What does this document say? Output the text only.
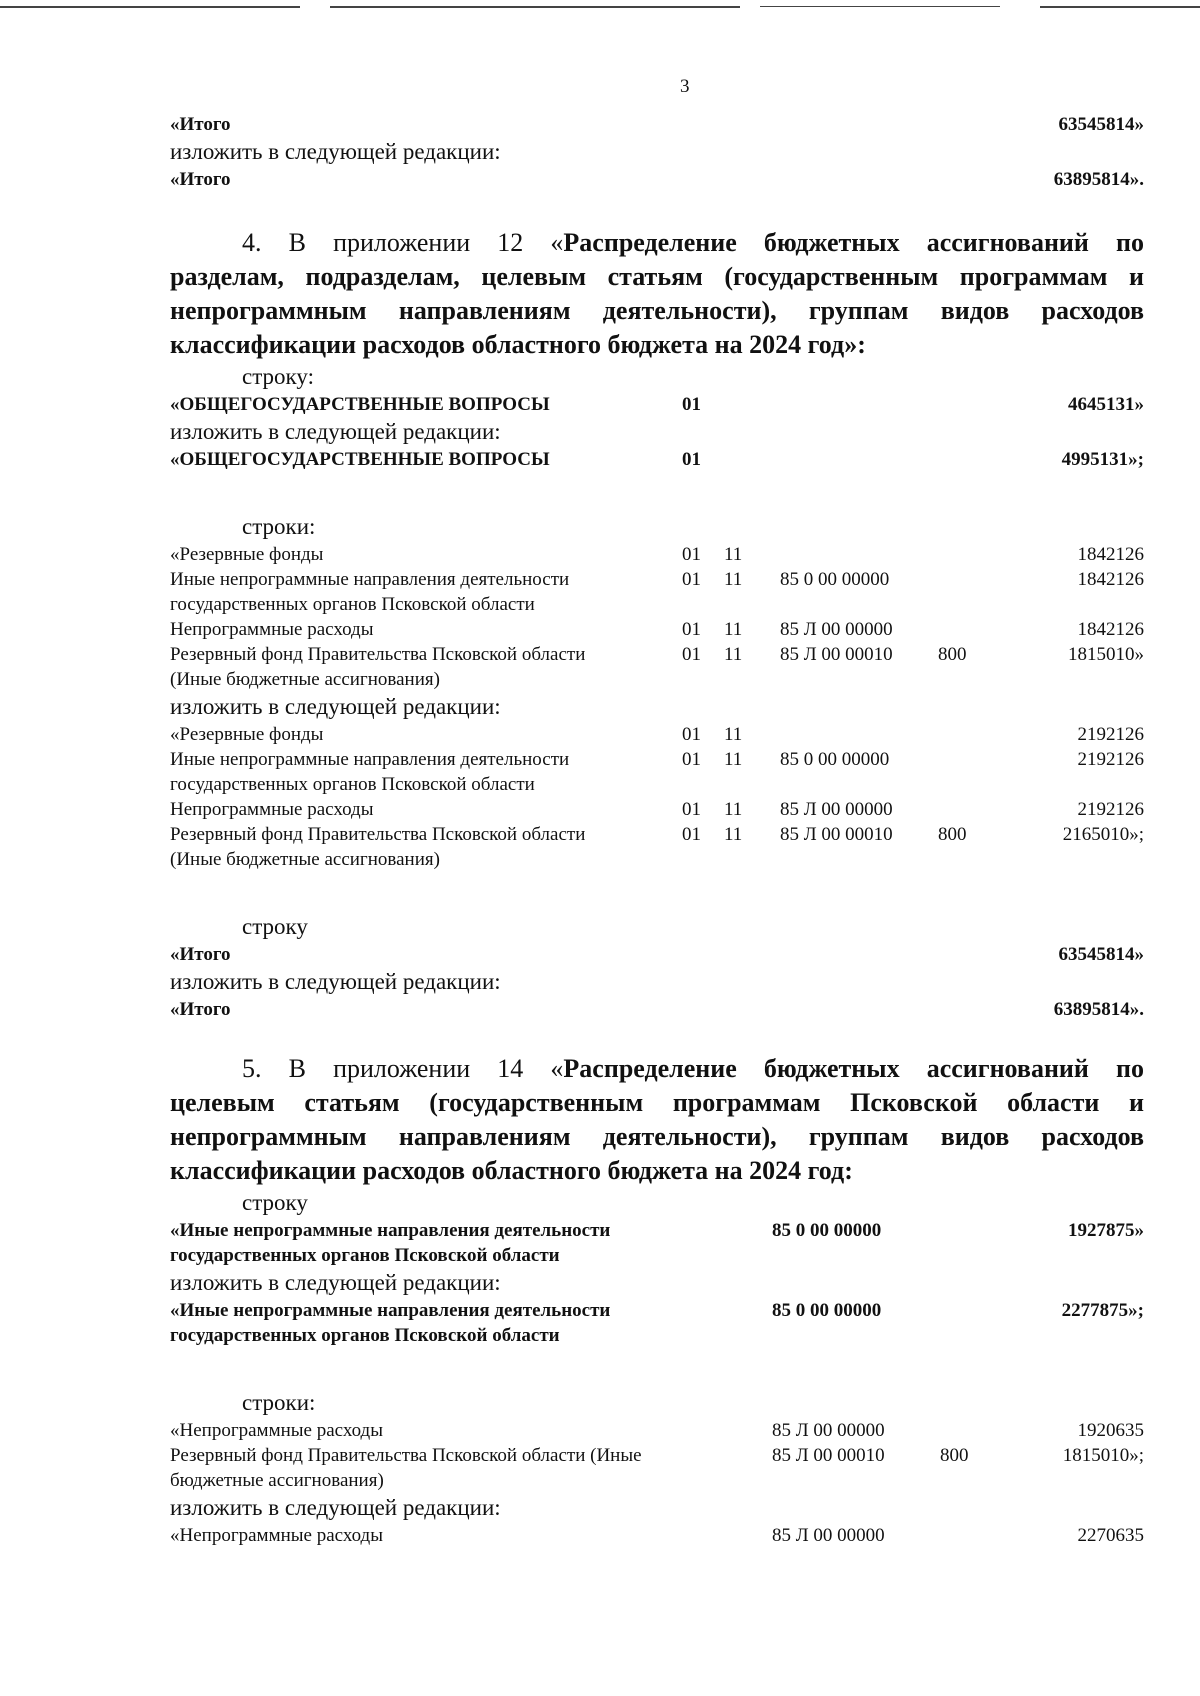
3
«Итого	63545814»
изложить в следующей редакции:
«Итого	63895814».

4. В приложении 12 «Распределение бюджетных ассигнований по

разделам, подразделам, целевым статьям (государственным программам и

непрограммным направлениям деятельности), группам видов расходов

классификации расходов областного бюджета на 2024 год»:

строку:
«ОБЩЕГОСУДАРСТВЕННЫЕ ВОПРОСЫ	01	4645131»
изложить в следующей редакции:
«ОБЩЕГОСУДАРСТВЕННЫЕ ВОПРОСЫ	01	4995131»;
строки:
«Резервные фонды	01 11	1842126
Иные непрограммные направления деятельности	01 11 85 0 00 00000	1842126
государственных органов Псковской области
Непрограммные расходы	01 11 85 Л 00 00000	1842126
Резервный фонд Правительства Псковской области	01 11 85 Л 00 00010 800	1815010»
(Иные бюджетные ассигнования)
изложить в следующей редакции:
«Резервные фонды	01 11	2192126
Иные непрограммные направления деятельности	01 11 85 0 00 00000	2192126
государственных органов Псковской области
Непрограммные расходы	01 11 85 Л 00 00000	2192126
Резервный фонд Правительства Псковской области	01 11 85 Л 00 00010 800	2165010»;
(Иные бюджетные ассигнования)
строку
«Итого	63545814»
изложить в следующей редакции:
«Итого	63895814».

5. В приложении 14 «Распределение бюджетных ассигнований по

целевым статьям (государственным программам Псковской области и

непрограммным направлениям деятельности), группам видов расходов

классификации расходов областного бюджета на 2024 год:

строку
«Иные непрограммные направления деятельности	85 0 00 00000	1927875»
государственных органов Псковской области
изложить в следующей редакции:
«Иные непрограммные направления деятельности	85 0 00 00000	2277875»;
государственных органов Псковской области
строки:
«Непрограммные расходы	85 Л 00 00000	1920635
Резервный фонд Правительства Псковской области (Иные	85 Л 00 00010	800	1815010»;
бюджетные ассигнования)
изложить в следующей редакции:
«Непрограммные расходы	85 Л 00 00000	2270635
